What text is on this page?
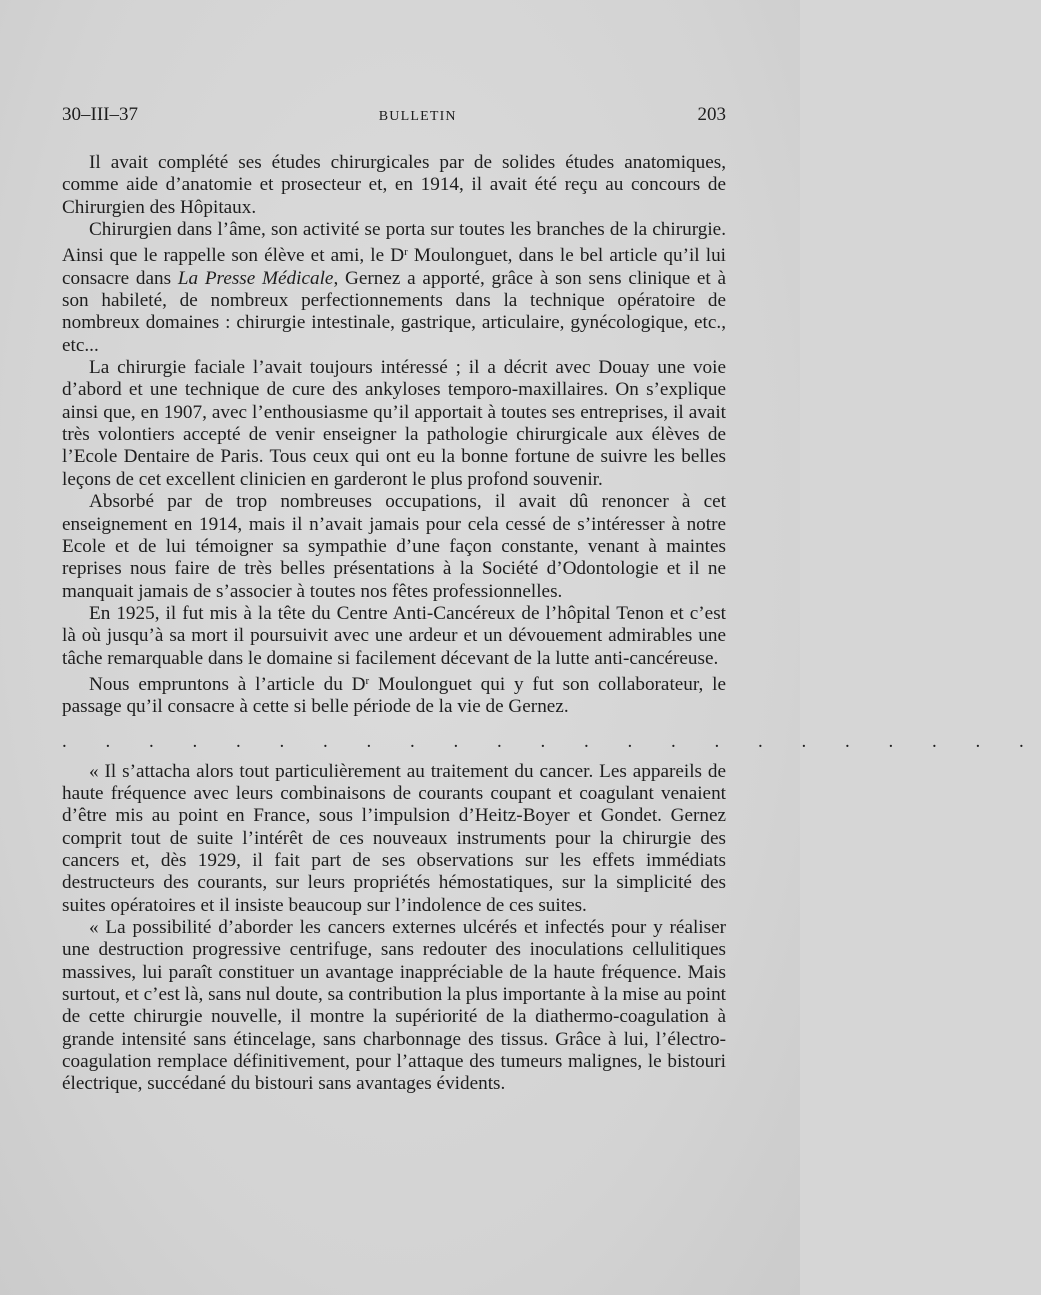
30–III–37	BULLETIN	203

Il avait complété ses études chirurgicales par de solides études anatomiques, comme aide d’anatomie et prosecteur et, en 1914, il avait été reçu au concours de Chirurgien des Hôpitaux.

Chirurgien dans l’âme, son activité se porta sur toutes les branches de la chirurgie. Ainsi que le rappelle son élève et ami, le $D^r$ Moulonguet, dans le bel article qu’il lui consacre dans La Presse Médicale, Gernez a apporté, grâce à son sens clinique et à son habileté, de nombreux perfectionnements dans la technique opératoire de nombreux domaines : chirurgie intestinale, gastrique, articulaire, gynécologique, etc., etc...

La chirurgie faciale l’avait toujours intéressé ; il a décrit avec Douay une voie d’abord et une technique de cure des ankyloses temporo-maxillaires. On s’explique ainsi que, en 1907, avec l’enthousiasme qu’il apportait à toutes ses entreprises, il avait très volontiers accepté de venir enseigner la pathologie chirurgicale aux élèves de l’Ecole Dentaire de Paris. Tous ceux qui ont eu la bonne fortune de suivre les belles leçons de cet excellent clinicien en garderont le plus profond souvenir.

Absorbé par de trop nombreuses occupations, il avait dû renoncer à cet enseignement en 1914, mais il n’avait jamais pour cela cessé de s’intéresser à notre Ecole et de lui témoigner sa sympathie d’une façon constante, venant à maintes reprises nous faire de très belles présentations à la Société d’Odontologie et il ne manquait jamais de s’associer à toutes nos fêtes professionnelles.

En 1925, il fut mis à la tête du Centre Anti-Cancéreux de l’hôpital Tenon et c’est là où jusqu’à sa mort il poursuivit avec une ardeur et un dévouement admirables une tâche remarquable dans le domaine si facilement décevant de la lutte anti-cancéreuse.

Nous empruntons à l’article du $D^r$ Moulonguet qui y fut son collaborateur, le passage qu’il consacre à cette si belle période de la vie de Gernez.

. . . . . . . . . . . . . . . . . . . . . . .

« Il s’attacha alors tout particulièrement au traitement du cancer. Les appareils de haute fréquence avec leurs combinaisons de courants coupant et coagulant venaient d’être mis au point en France, sous l’impulsion d’Heitz-Boyer et Gondet. Gernez comprit tout de suite l’intérêt de ces nouveaux instruments pour la chirurgie des cancers et, dès 1929, il fait part de ses observations sur les effets immédiats destructeurs des courants, sur leurs propriétés hémostatiques, sur la simplicité des suites opératoires et il insiste beaucoup sur l’indolence de ces suites.

« La possibilité d’aborder les cancers externes ulcérés et infectés pour y réaliser une destruction progressive centrifuge, sans redouter des inoculations cellulitiques massives, lui paraît constituer un avantage inappréciable de la haute fréquence. Mais surtout, et c’est là, sans nul doute, sa contribution la plus importante à la mise au point de cette chirurgie nouvelle, il montre la supériorité de la diathermo-coagulation à grande intensité sans étincelage, sans charbonnage des tissus. Grâce à lui, l’électro-coagulation remplace définitivement, pour l’attaque des tumeurs malignes, le bistouri électrique, succédané du bistouri sans avantages évidents.
